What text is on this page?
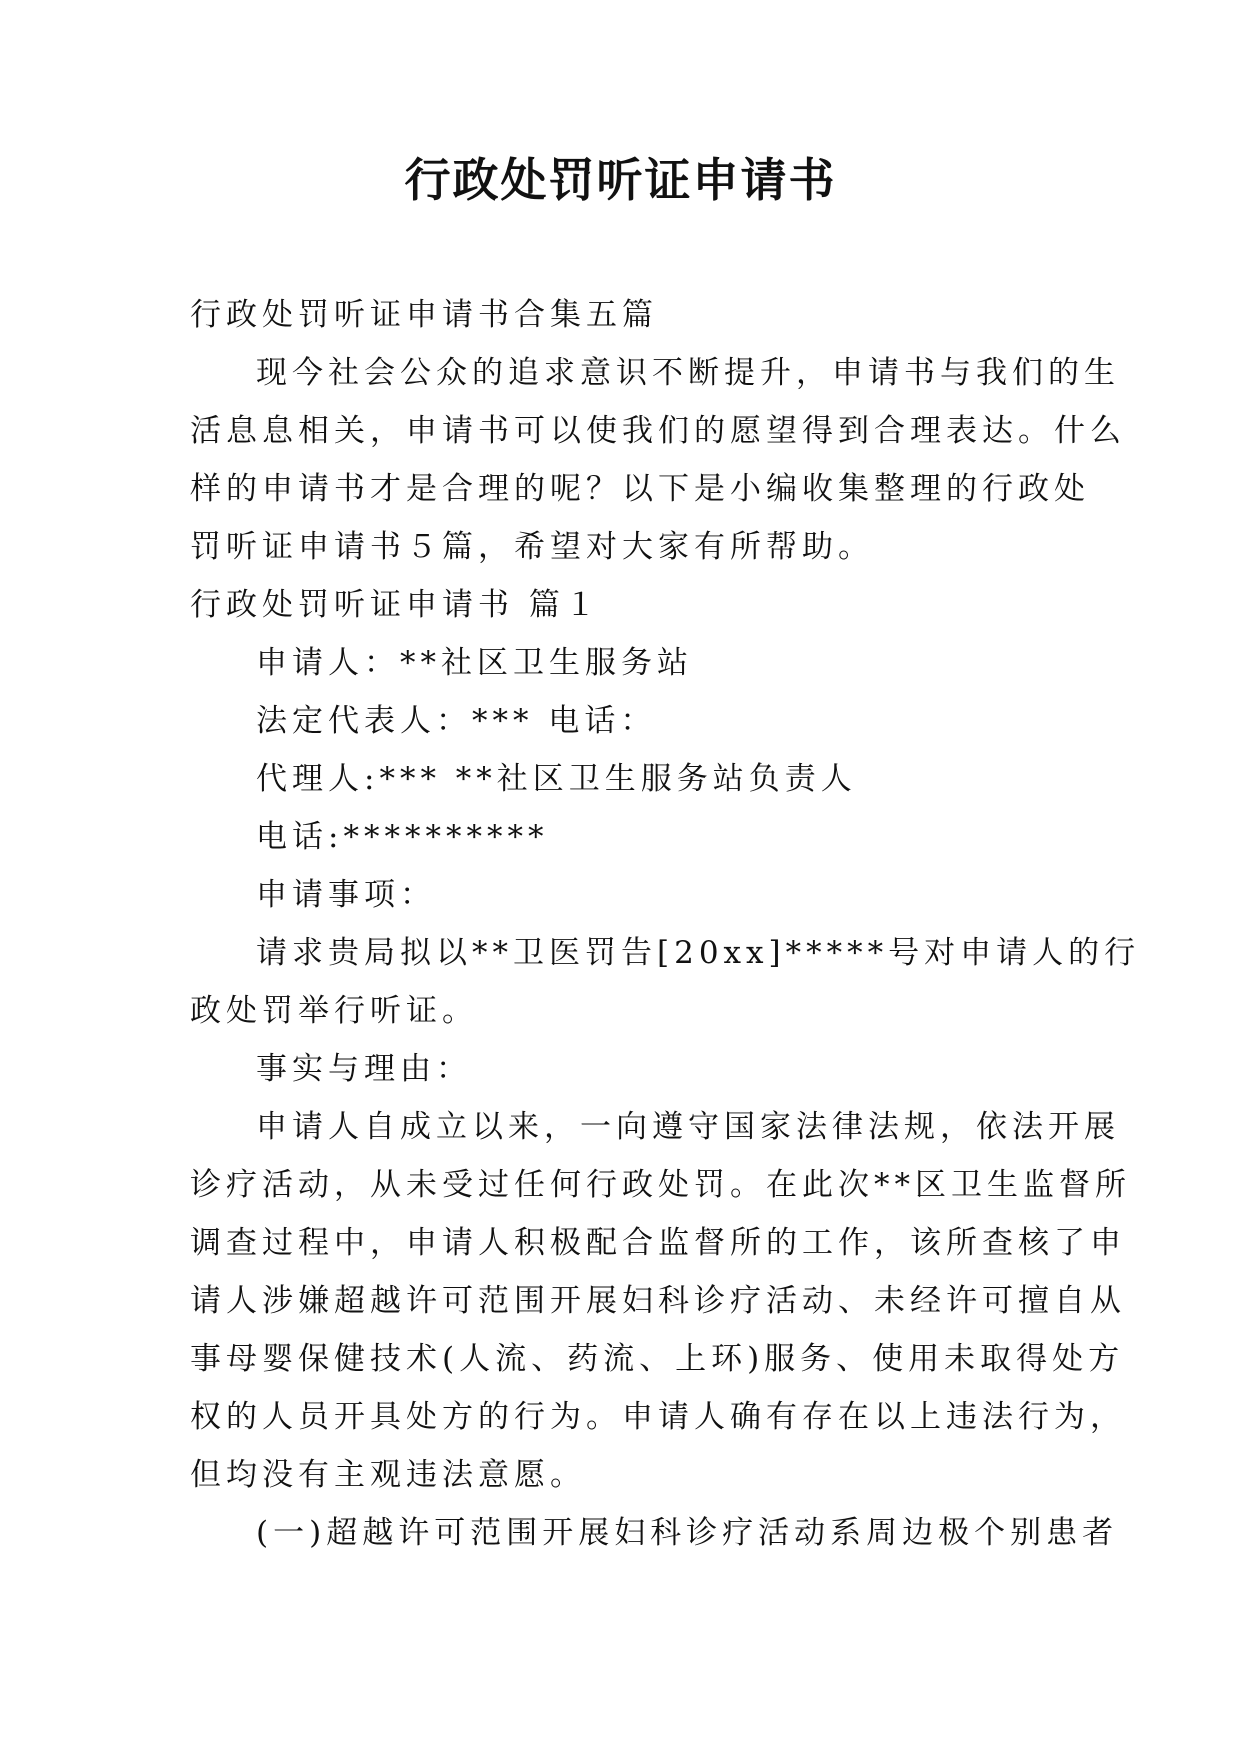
行政处罚听证申请书

行政处罚听证申请书合集五篇

现今社会公众的追求意识不断提升，申请书与我们的生

活息息相关，申请书可以使我们的愿望得到合理表达。什么

样的申请书才是合理的呢？以下是小编收集整理的行政处

罚听证申请书５篇，希望对大家有所帮助。

行政处罚听证申请书 篇１

申请人：**社区卫生服务站

法定代表人：*** 电话：

代理人:*** **社区卫生服务站负责人

电话:**********

申请事项：

请求贵局拟以**卫医罚告[20xx]*****号对申请人的行

政处罚举行听证。

事实与理由：

申请人自成立以来，一向遵守国家法律法规，依法开展

诊疗活动，从未受过任何行政处罚。在此次**区卫生监督所

调查过程中，申请人积极配合监督所的工作，该所查核了申

请人涉嫌超越许可范围开展妇科诊疗活动、未经许可擅自从

事母婴保健技术(人流、药流、上环)服务、使用未取得处方

权的人员开具处方的行为。申请人确有存在以上违法行为，

但均没有主观违法意愿。

(一)超越许可范围开展妇科诊疗活动系周边极个别患者
